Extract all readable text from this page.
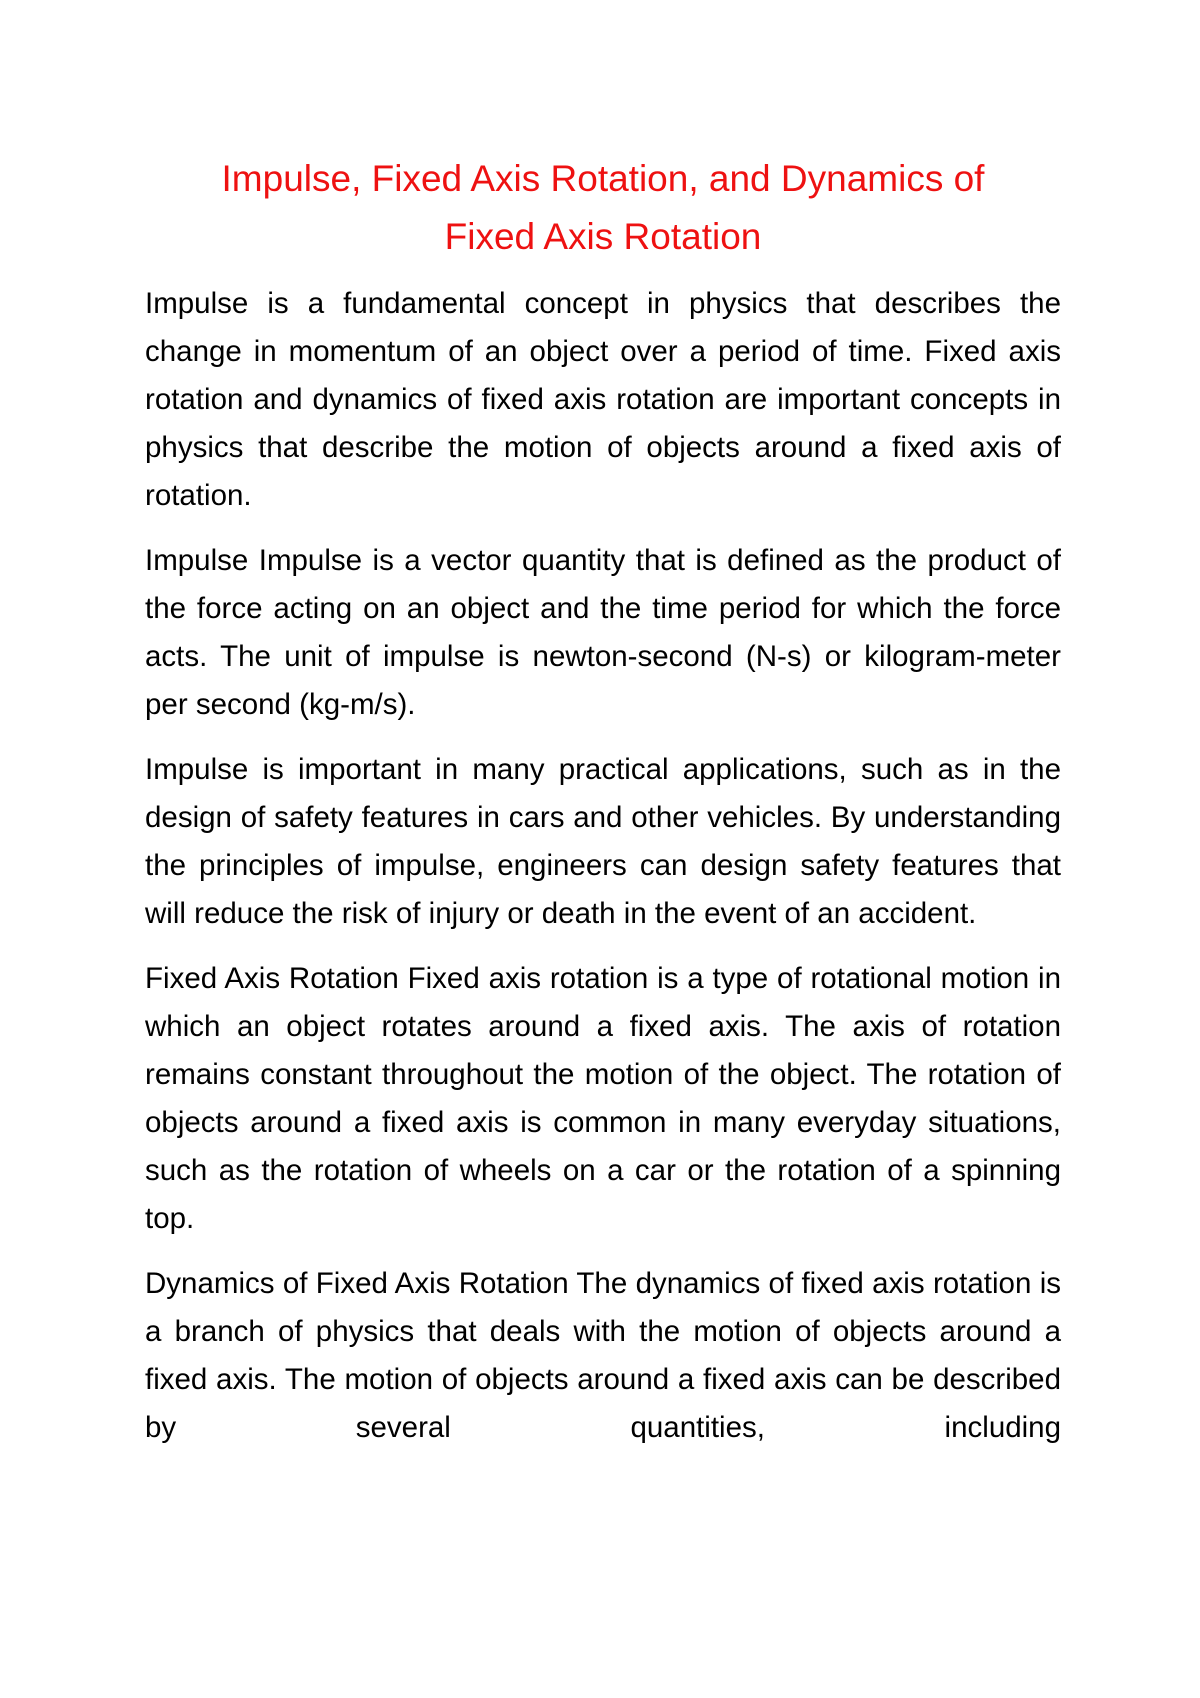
Impulse, Fixed Axis Rotation, and Dynamics of
Fixed Axis Rotation

Impulse is a fundamental concept in physics that describes the change in momentum of an object over a period of time. Fixed axis rotation and dynamics of fixed axis rotation are important concepts in physics that describe the motion of objects around a fixed axis of rotation.

Impulse Impulse is a vector quantity that is defined as the product of the force acting on an object and the time period for which the force acts. The unit of impulse is newton-second (N-s) or kilogram-meter per second (kg-m/s).

Impulse is important in many practical applications, such as in the design of safety features in cars and other vehicles. By understanding the principles of impulse, engineers can design safety features that will reduce the risk of injury or death in the event of an accident.

Fixed Axis Rotation Fixed axis rotation is a type of rotational motion in which an object rotates around a fixed axis. The axis of rotation remains constant throughout the motion of the object. The rotation of objects around a fixed axis is common in many everyday situations, such as the rotation of wheels on a car or the rotation of a spinning top.

Dynamics of Fixed Axis Rotation The dynamics of fixed axis rotation is a branch of physics that deals with the motion of objects around a fixed axis. The motion of objects around a fixed axis can be described by several quantities, including
